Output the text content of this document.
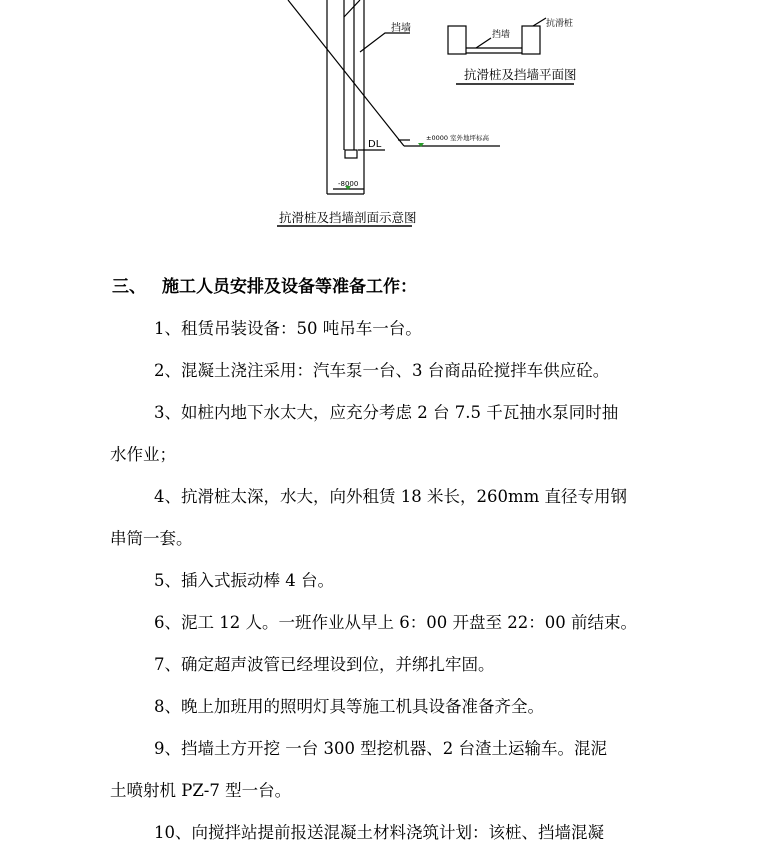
挡墙
DL
±0000 室外地坪标高
-8000
抗滑桩及挡墙剖面示意图
挡墙
抗滑桩
抗滑桩及挡墙平面图
三、 施工人员安排及设备等准备工作：

1、租赁吊装设备：50 吨吊车一台。

2、混凝土浇注采用：汽车泵一台、3 台商品砼搅拌车供应砼。

3、如桩内地下水太大，应充分考虑 2 台 7.5 千瓦抽水泵同时抽

水作业；

4、抗滑桩太深，水大，向外租赁 18 米长，260mm 直径专用钢

串筒一套。

5、插入式振动棒 4 台。

6、泥工 12 人。一班作业从早上 6：00 开盘至 22：00 前结束。

7、确定超声波管已经埋设到位，并绑扎牢固。

8、晚上加班用的照明灯具等施工机具设备准备齐全。

9、挡墙土方开挖 一台 300 型挖机器、2 台渣土运输车。混泥

土喷射机 PZ-7 型一台。

10、向搅拌站提前报送混凝土材料浇筑计划：该桩、挡墙混凝
